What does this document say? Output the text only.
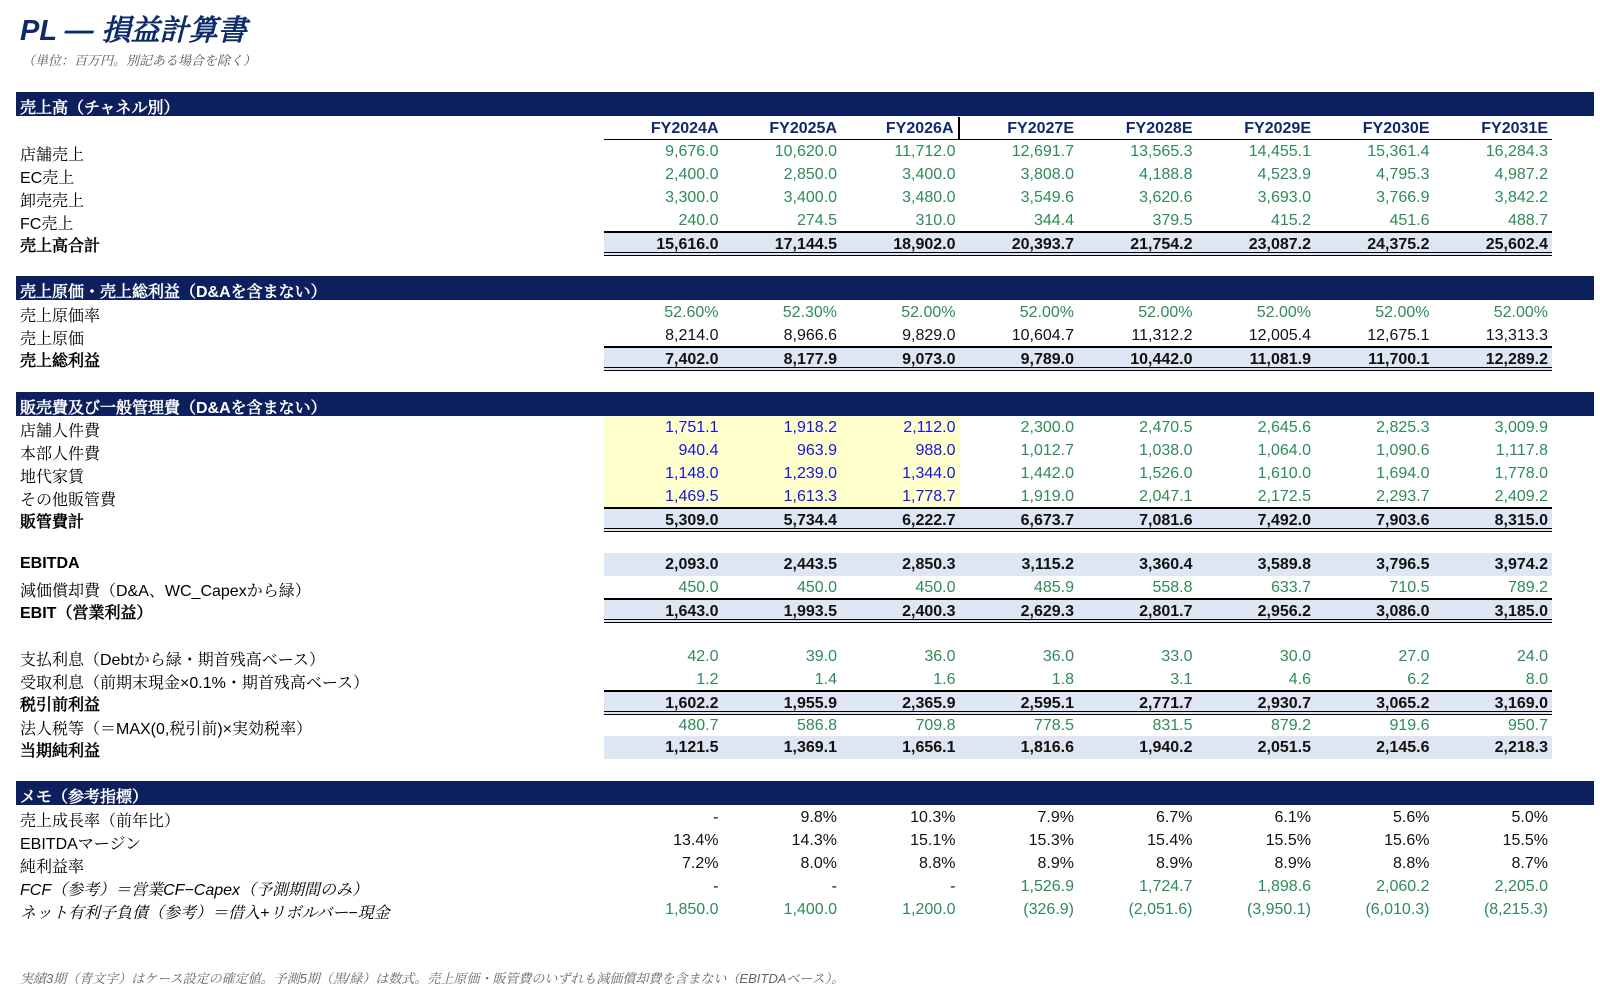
PL — 損益計算書
（単位：百万円。別記ある場合を除く）
売上高（チャネル別）
FY2024A	FY2025A	FY2026A	FY2027E	FY2028E	FY2029E	FY2030E	FY2031E
店舗売上	9,676.0	10,620.0	11,712.0	12,691.7	13,565.3	14,455.1	15,361.4	16,284.3
EC売上	2,400.0	2,850.0	3,400.0	3,808.0	4,188.8	4,523.9	4,795.3	4,987.2
卸売売上	3,300.0	3,400.0	3,480.0	3,549.6	3,620.6	3,693.0	3,766.9	3,842.2
FC売上	240.0	274.5	310.0	344.4	379.5	415.2	451.6	488.7
売上高合計	15,616.0	17,144.5	18,902.0	20,393.7	21,754.2	23,087.2	24,375.2	25,602.4
売上原価・売上総利益（D&Aを含まない）
売上原価率	52.60%	52.30%	52.00%	52.00%	52.00%	52.00%	52.00%	52.00%
売上原価	8,214.0	8,966.6	9,829.0	10,604.7	11,312.2	12,005.4	12,675.1	13,313.3
売上総利益	7,402.0	8,177.9	9,073.0	9,789.0	10,442.0	11,081.9	11,700.1	12,289.2
販売費及び一般管理費（D&Aを含まない）
店舗人件費	1,751.1	1,918.2	2,112.0	2,300.0	2,470.5	2,645.6	2,825.3	3,009.9
本部人件費	940.4	963.9	988.0	1,012.7	1,038.0	1,064.0	1,090.6	1,117.8
地代家賃	1,148.0	1,239.0	1,344.0	1,442.0	1,526.0	1,610.0	1,694.0	1,778.0
その他販管費	1,469.5	1,613.3	1,778.7	1,919.0	2,047.1	2,172.5	2,293.7	2,409.2
販管費計	5,309.0	5,734.4	6,222.7	6,673.7	7,081.6	7,492.0	7,903.6	8,315.0
EBITDA	2,093.0	2,443.5	2,850.3	3,115.2	3,360.4	3,589.8	3,796.5	3,974.2
減価償却費（D&A、WC_Capexから緑）	450.0	450.0	450.0	485.9	558.8	633.7	710.5	789.2
EBIT（営業利益）	1,643.0	1,993.5	2,400.3	2,629.3	2,801.7	2,956.2	3,086.0	3,185.0
支払利息（Debtから緑・期首残高ベース）	42.0	39.0	36.0	36.0	33.0	30.0	27.0	24.0
受取利息（前期末現金×0.1%・期首残高ベース）	1.2	1.4	1.6	1.8	3.1	4.6	6.2	8.0
税引前利益	1,602.2	1,955.9	2,365.9	2,595.1	2,771.7	2,930.7	3,065.2	3,169.0
法人税等（＝MAX(0,税引前)×実効税率）	480.7	586.8	709.8	778.5	831.5	879.2	919.6	950.7
当期純利益	1,121.5	1,369.1	1,656.1	1,816.6	1,940.2	2,051.5	2,145.6	2,218.3
メモ（参考指標）
売上成長率（前年比）	-	9.8%	10.3%	7.9%	6.7%	6.1%	5.6%	5.0%
EBITDAマージン	13.4%	14.3%	15.1%	15.3%	15.4%	15.5%	15.6%	15.5%
純利益率	7.2%	8.0%	8.8%	8.9%	8.9%	8.9%	8.8%	8.7%
FCF（参考）＝営業CF−Capex（予測期間のみ）	-	-	-	1,526.9	1,724.7	1,898.6	2,060.2	2,205.0
ネット有利子負債（参考）＝借入+リボルバー−現金	1,850.0	1,400.0	1,200.0	(326.9)	(2,051.6)	(3,950.1)	(6,010.3)	(8,215.3)
実績3期（青文字）はケース設定の確定値。予測5期（黒/緑）は数式。売上原価・販管費のいずれも減価償却費を含まない（EBITDAベース）。
